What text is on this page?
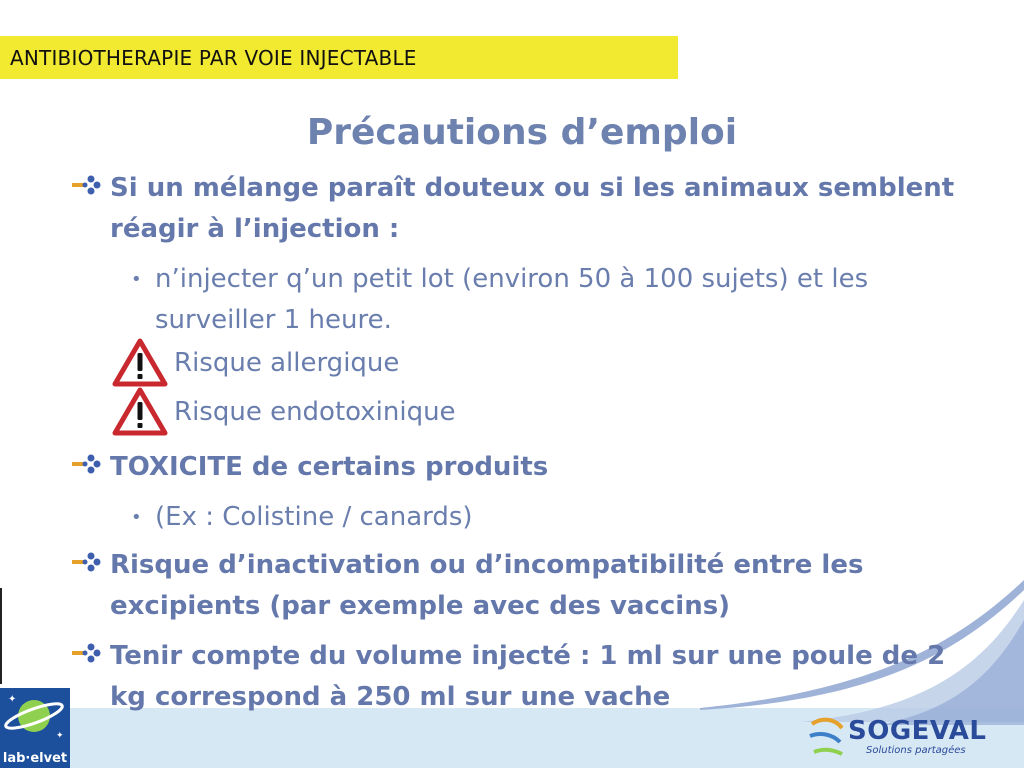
ANTIBIOTHERAPIE PAR VOIE INJECTABLE
Précautions d’emploi
Si un mélange paraît douteux ou si les animaux semblent réagir à l’injection :
• n’injecter q’un petit lot (environ 50 à 100 sujets) et les surveiller 1 heure.
Risque allergique
Risque endotoxinique
TOXICITE de certains produits
• (Ex : Colistine / canards)
Risque d’inactivation ou d’incompatibilité entre les excipients (par exemple avec des vaccins)
Tenir compte du volume injecté : 1 ml sur une poule de 2 kg correspond à 250 ml sur une vache
✦
✦
lab·elvet
SOGEVAL
Solutions partagées
